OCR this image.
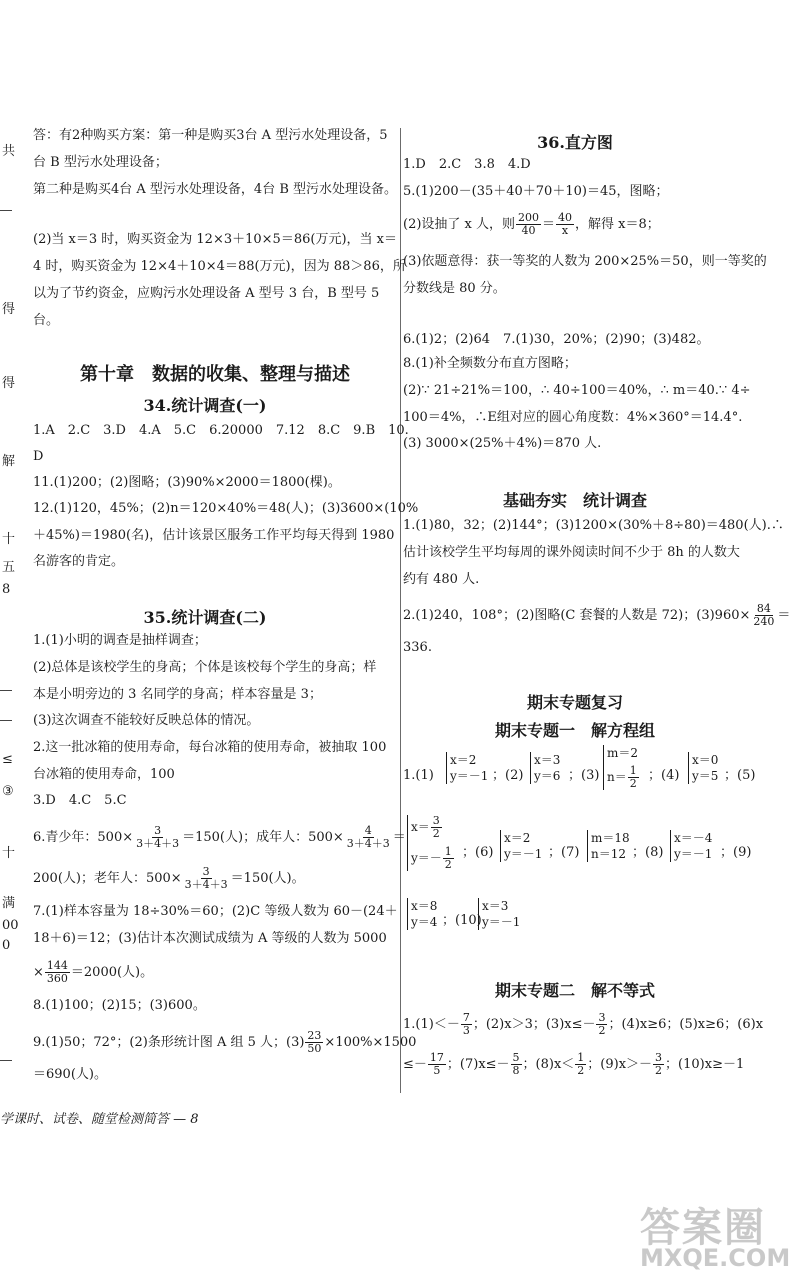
共
得
得
解
十
五
8
≤
③
十
满
00
0
答：有2种购买方案：第一种是购买3台 A 型污水处理设备，5
台 B 型污水处理设备；
第二种是购买4台 A 型污水处理设备，4台 B 型污水处理设备。
(2)当 x＝3 时，购买资金为 12×3＋10×5＝86(万元)，当 x＝
4 时，购买资金为 12×4＋10×4＝88(万元)，因为 88＞86，所
以为了节约资金，应购污水处理设备 A 型号 3 台，B 型号 5
台。
第十章　数据的收集、整理与描述
34.统计调查(一)
1.A　2.C　3.D　4.A　5.C　6.20000　7.12　8.C　9.B　10.
D
11.(1)200；(2)图略；(3)90%×2000＝1800(棵)。
12.(1)120，45%；(2)n＝120×40%＝48(人)；(3)3600×(10%
＋45%)＝1980(名)，估计该景区服务工作平均每天得到 1980
名游客的肯定。
35.统计调查(二)
1.(1)小明的调查是抽样调查；
(2)总体是该校学生的身高；个体是该校每个学生的身高；样
本是小明旁边的 3 名同学的身高；样本容量是 3；
(3)这次调查不能较好反映总体的情况。
2.这一批冰箱的使用寿命，每台冰箱的使用寿命，被抽取 100
台冰箱的使用寿命，100
3.D　4.C　5.C
6.青少年：$500\times \frac{3}{3+4+3} =150$(人)；成年人：$500\times \frac{4}{3+4+3}$ ＝
200(人)；老年人：$500\times \frac{3}{3+4+3} =150$(人)。
7.(1)样本容量为 18÷30%＝60；(2)C 等级人数为 60－(24＋
18＋6)＝12；(3)估计本次测试成绩为 A 等级的人数为 5000
× $\frac{144}{360} =2000$(人)。
8.(1)100；(2)15；(3)600。
9.(1)50；72°；(2)条形统计图 A 组 5 人；$(3) \frac{23}{50} \times 100\%\times 1500$
＝690(人)。
36.直方图
1.D　2.C　3.8　4.D
5.(1)200－(35＋40＋70＋10)＝45，图略；
(2)设抽了 x 人，则 $\frac{200}{40} = \frac{40}{x}$ ，解得 x＝8；
(3)依题意得：获一等奖的人数为 200×25%＝50，则一等奖的
分数线是 80 分。
6.(1)2；(2)64　7.(1)30，20%；(2)90；(3)482。
8.(1)补全频数分布直方图略；
(2)∵ 21÷21%＝100，∴ 40÷100＝40%，∴ m＝40.∵ 4÷
100＝4%，∴E组对应的圆心角度数：4%×360°＝14.4°.
(3) 3000×(25%＋4%)＝870 人.
基础夯实　统计调查
1.(1)80，32；(2)144°；(3)1200×(30%＋8÷80)＝480(人).∴
估计该校学生平均每周的课外阅读时间不少于 8h 的人数大
约有 480 人.
2.(1)240，108°；(2)图略(C 套餐的人数是 72)；$(3)960\times \frac{84}{240}$ ＝
336.
期末专题复习
期末专题一　解方程组
1.(1)
x＝2
y＝－1 ；(2)
x＝3
y＝6 ；(3)
m＝2
$n= \frac{1}{2}$ ；(4)
x＝0
y＝5 ；(5)
$x= \frac{3}{2}$
$y=- \frac{1}{2}$ ；(6)
x＝2
y＝－1 ；(7)
m＝18
n＝12 ；(8)
x＝－4
y＝－1 ；(9)
x＝8
y＝4 ；(10)
x＝3
y＝－1
期末专题二　解不等式
$1.(1)<- \frac{7}{3}$ ；(2)x＞3；$(3)x\le- \frac{3}{2}$ ；(4)x≥6；(5)x≥6；(6)x
≤－ $\frac{17}{5}$ ；$(7)x\le- \frac{5}{8}$ ；$(8)x< \frac{1}{2}$ ；$(9)x>- \frac{3}{2}$ ；(10)x≥－1
学课时、试卷、随堂检测简答 — 8
答案圈
MXQE.COM
